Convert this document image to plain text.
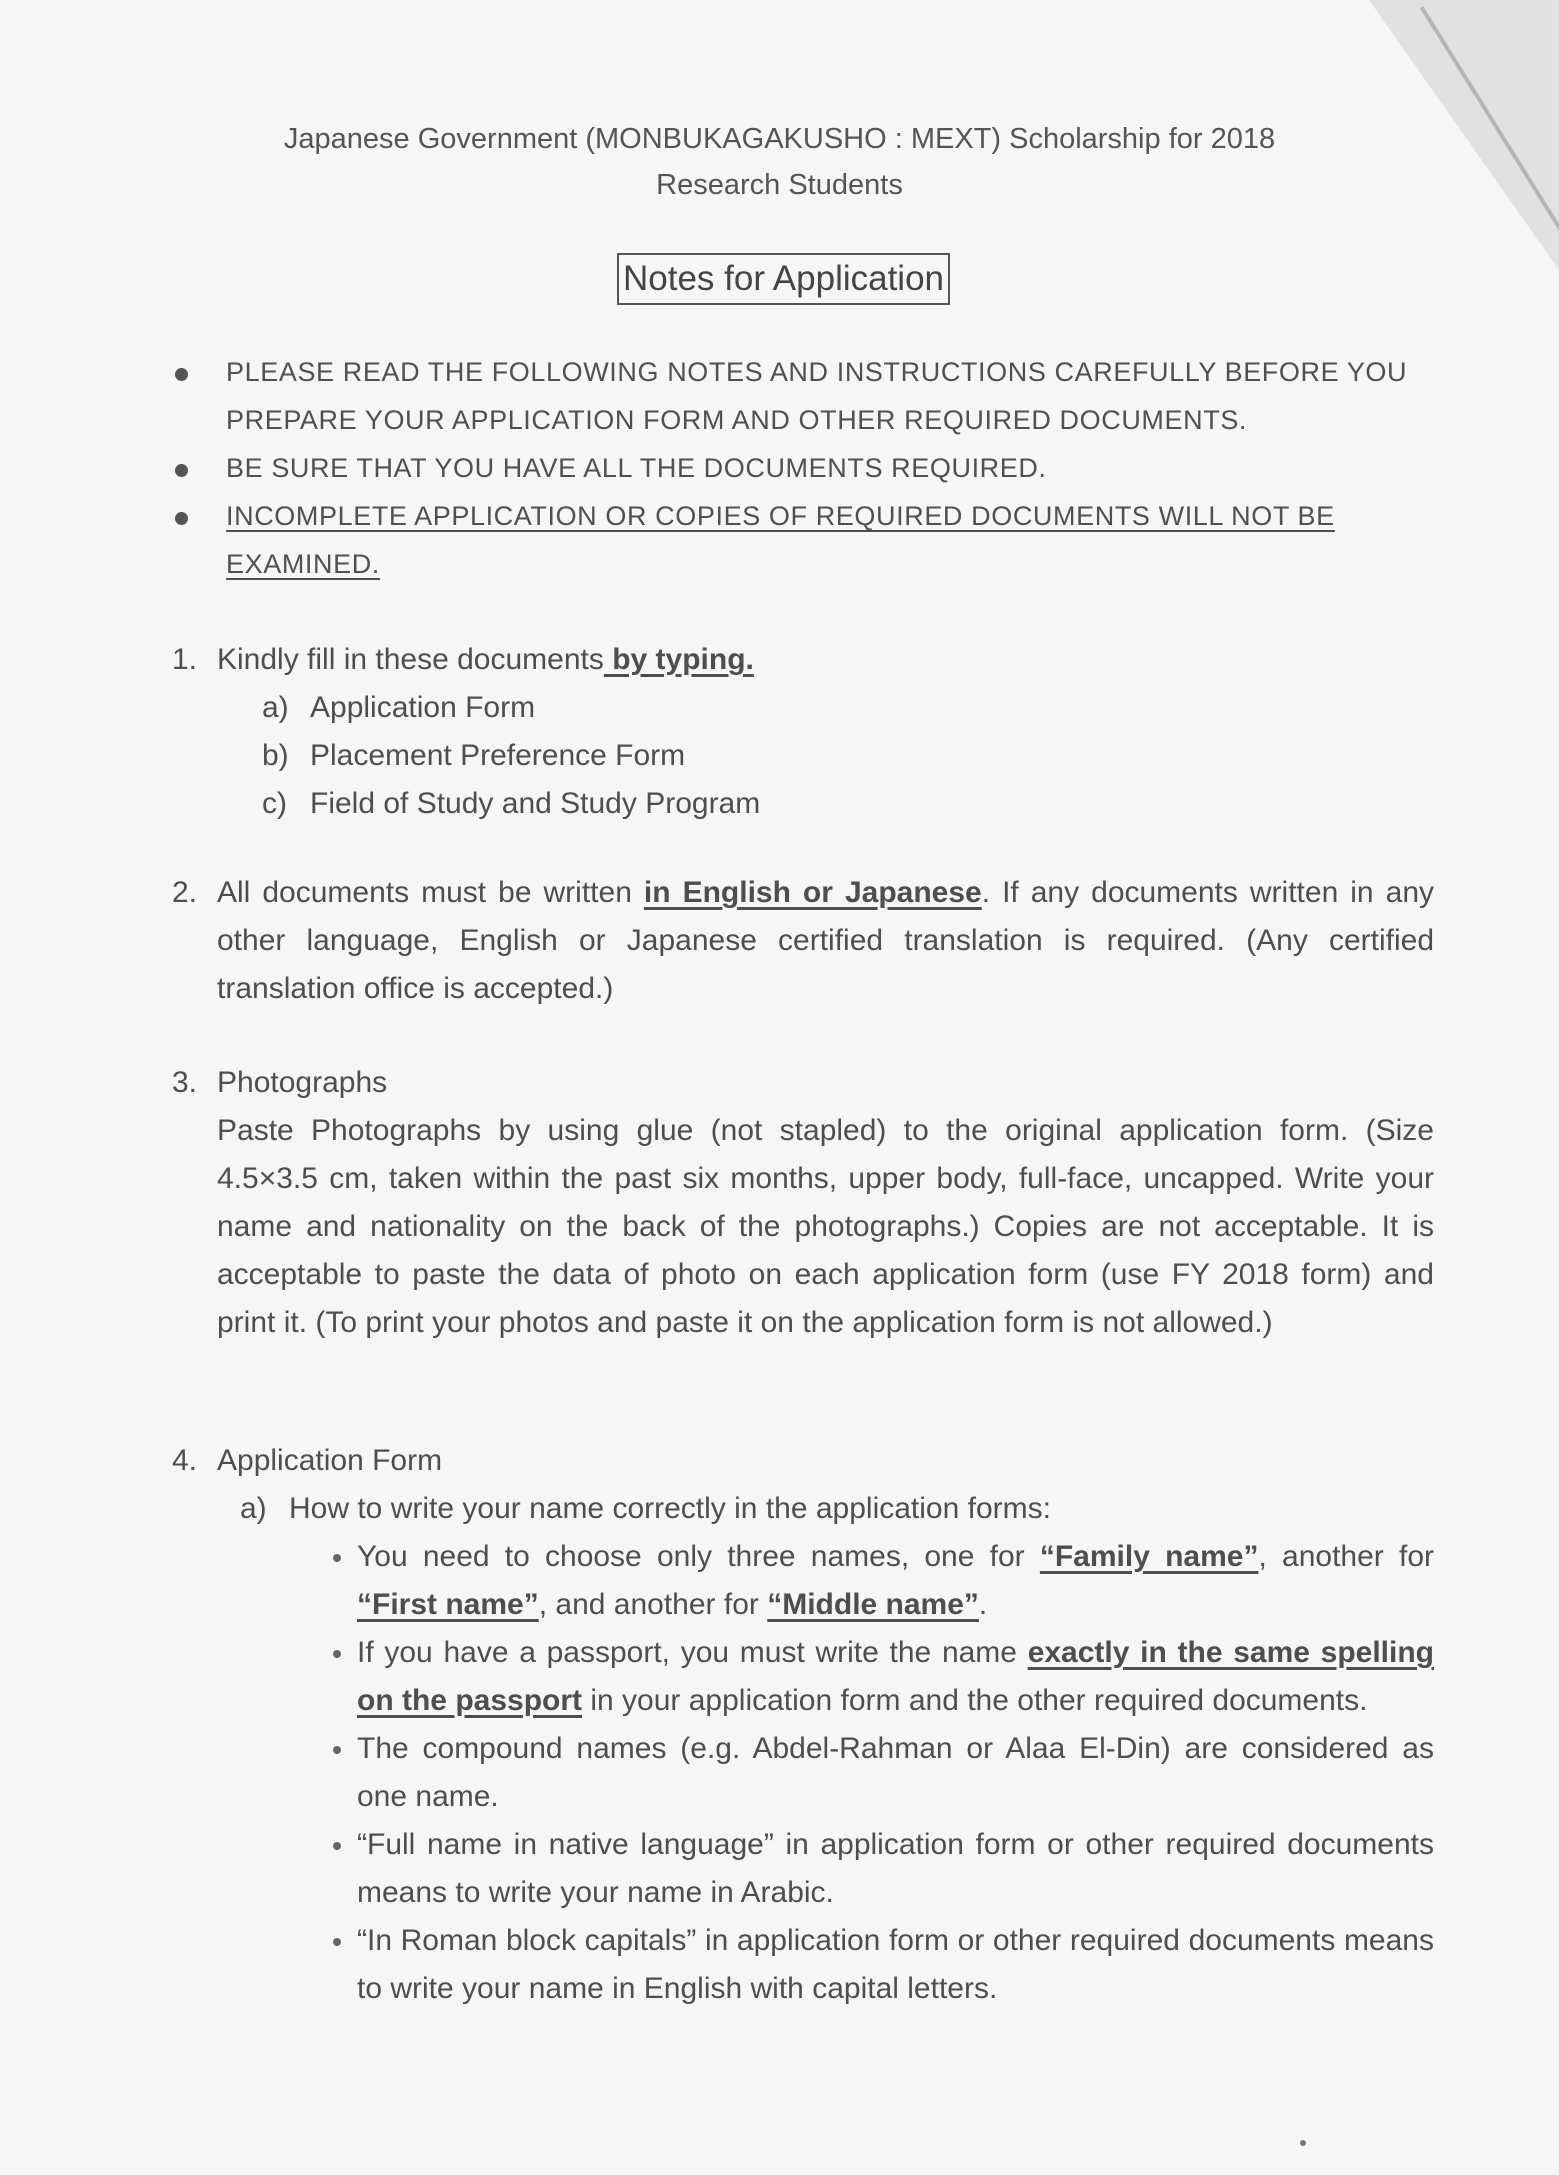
Japanese Government (MONBUKAGAKUSHO : MEXT) Scholarship for 2018
Research Students
Notes for Application
PLEASE READ THE FOLLOWING NOTES AND INSTRUCTIONS CAREFULLY BEFORE YOU PREPARE YOUR APPLICATION FORM AND OTHER REQUIRED DOCUMENTS.
BE SURE THAT YOU HAVE ALL THE DOCUMENTS REQUIRED.
INCOMPLETE APPLICATION OR COPIES OF REQUIRED DOCUMENTS WILL NOT BE EXAMINED.
1. Kindly fill in these documents by typing.
a) Application Form
b) Placement Preference Form
c) Field of Study and Study Program
2. All documents must be written in English or Japanese. If any documents written in any other language, English or Japanese certified translation is required. (Any certified translation office is accepted.)
3. Photographs
Paste Photographs by using glue (not stapled) to the original application form. (Size 4.5×3.5 cm, taken within the past six months, upper body, full-face, uncapped. Write your name and nationality on the back of the photographs.) Copies are not acceptable. It is acceptable to paste the data of photo on each application form (use FY 2018 form) and print it. (To print your photos and paste it on the application form is not allowed.)
4. Application Form
a) How to write your name correctly in the application forms:
You need to choose only three names, one for “Family name”, another for “First name”, and another for “Middle name”.
If you have a passport, you must write the name exactly in the same spelling on the passport in your application form and the other required documents.
The compound names (e.g. Abdel-Rahman or Alaa El-Din) are considered as one name.
“Full name in native language” in application form or other required documents means to write your name in Arabic.
“In Roman block capitals” in application form or other required documents means to write your name in English with capital letters.
